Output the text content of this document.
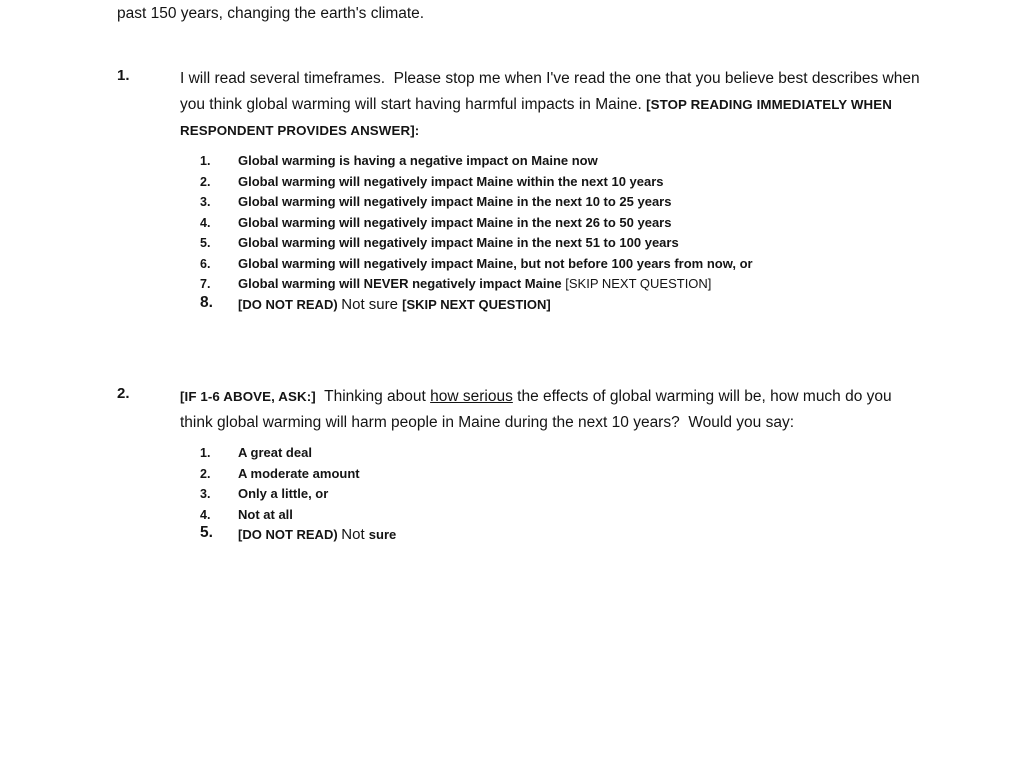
past 150 years, changing the earth's climate.
1.	I will read several timeframes.  Please stop me when I've read the one that you believe best describes when you think global warming will start having harmful impacts in Maine. [STOP READING IMMEDIATELY WHEN RESPONDENT PROVIDES ANSWER]:
1. Global warming is having a negative impact on Maine now
2. Global warming will negatively impact Maine within the next 10 years
3. Global warming will negatively impact Maine in the next 10 to 25 years
4. Global warming will negatively impact Maine in the next 26 to 50 years
5. Global warming will negatively impact Maine in the next 51 to 100 years
6. Global warming will negatively impact Maine, but not before 100 years from now, or
7. Global warming will NEVER negatively impact Maine [SKIP NEXT QUESTION]
8. [DO NOT READ) Not sure [SKIP NEXT QUESTION]
2.	[IF 1-6 ABOVE, ASK:]  Thinking about how serious the effects of global warming will be, how much do you think global warming will harm people in Maine during the next 10 years?  Would you say:
1. A great deal
2. A moderate amount
3. Only a little, or
4. Not at all
5. [DO NOT READ) Not sure
